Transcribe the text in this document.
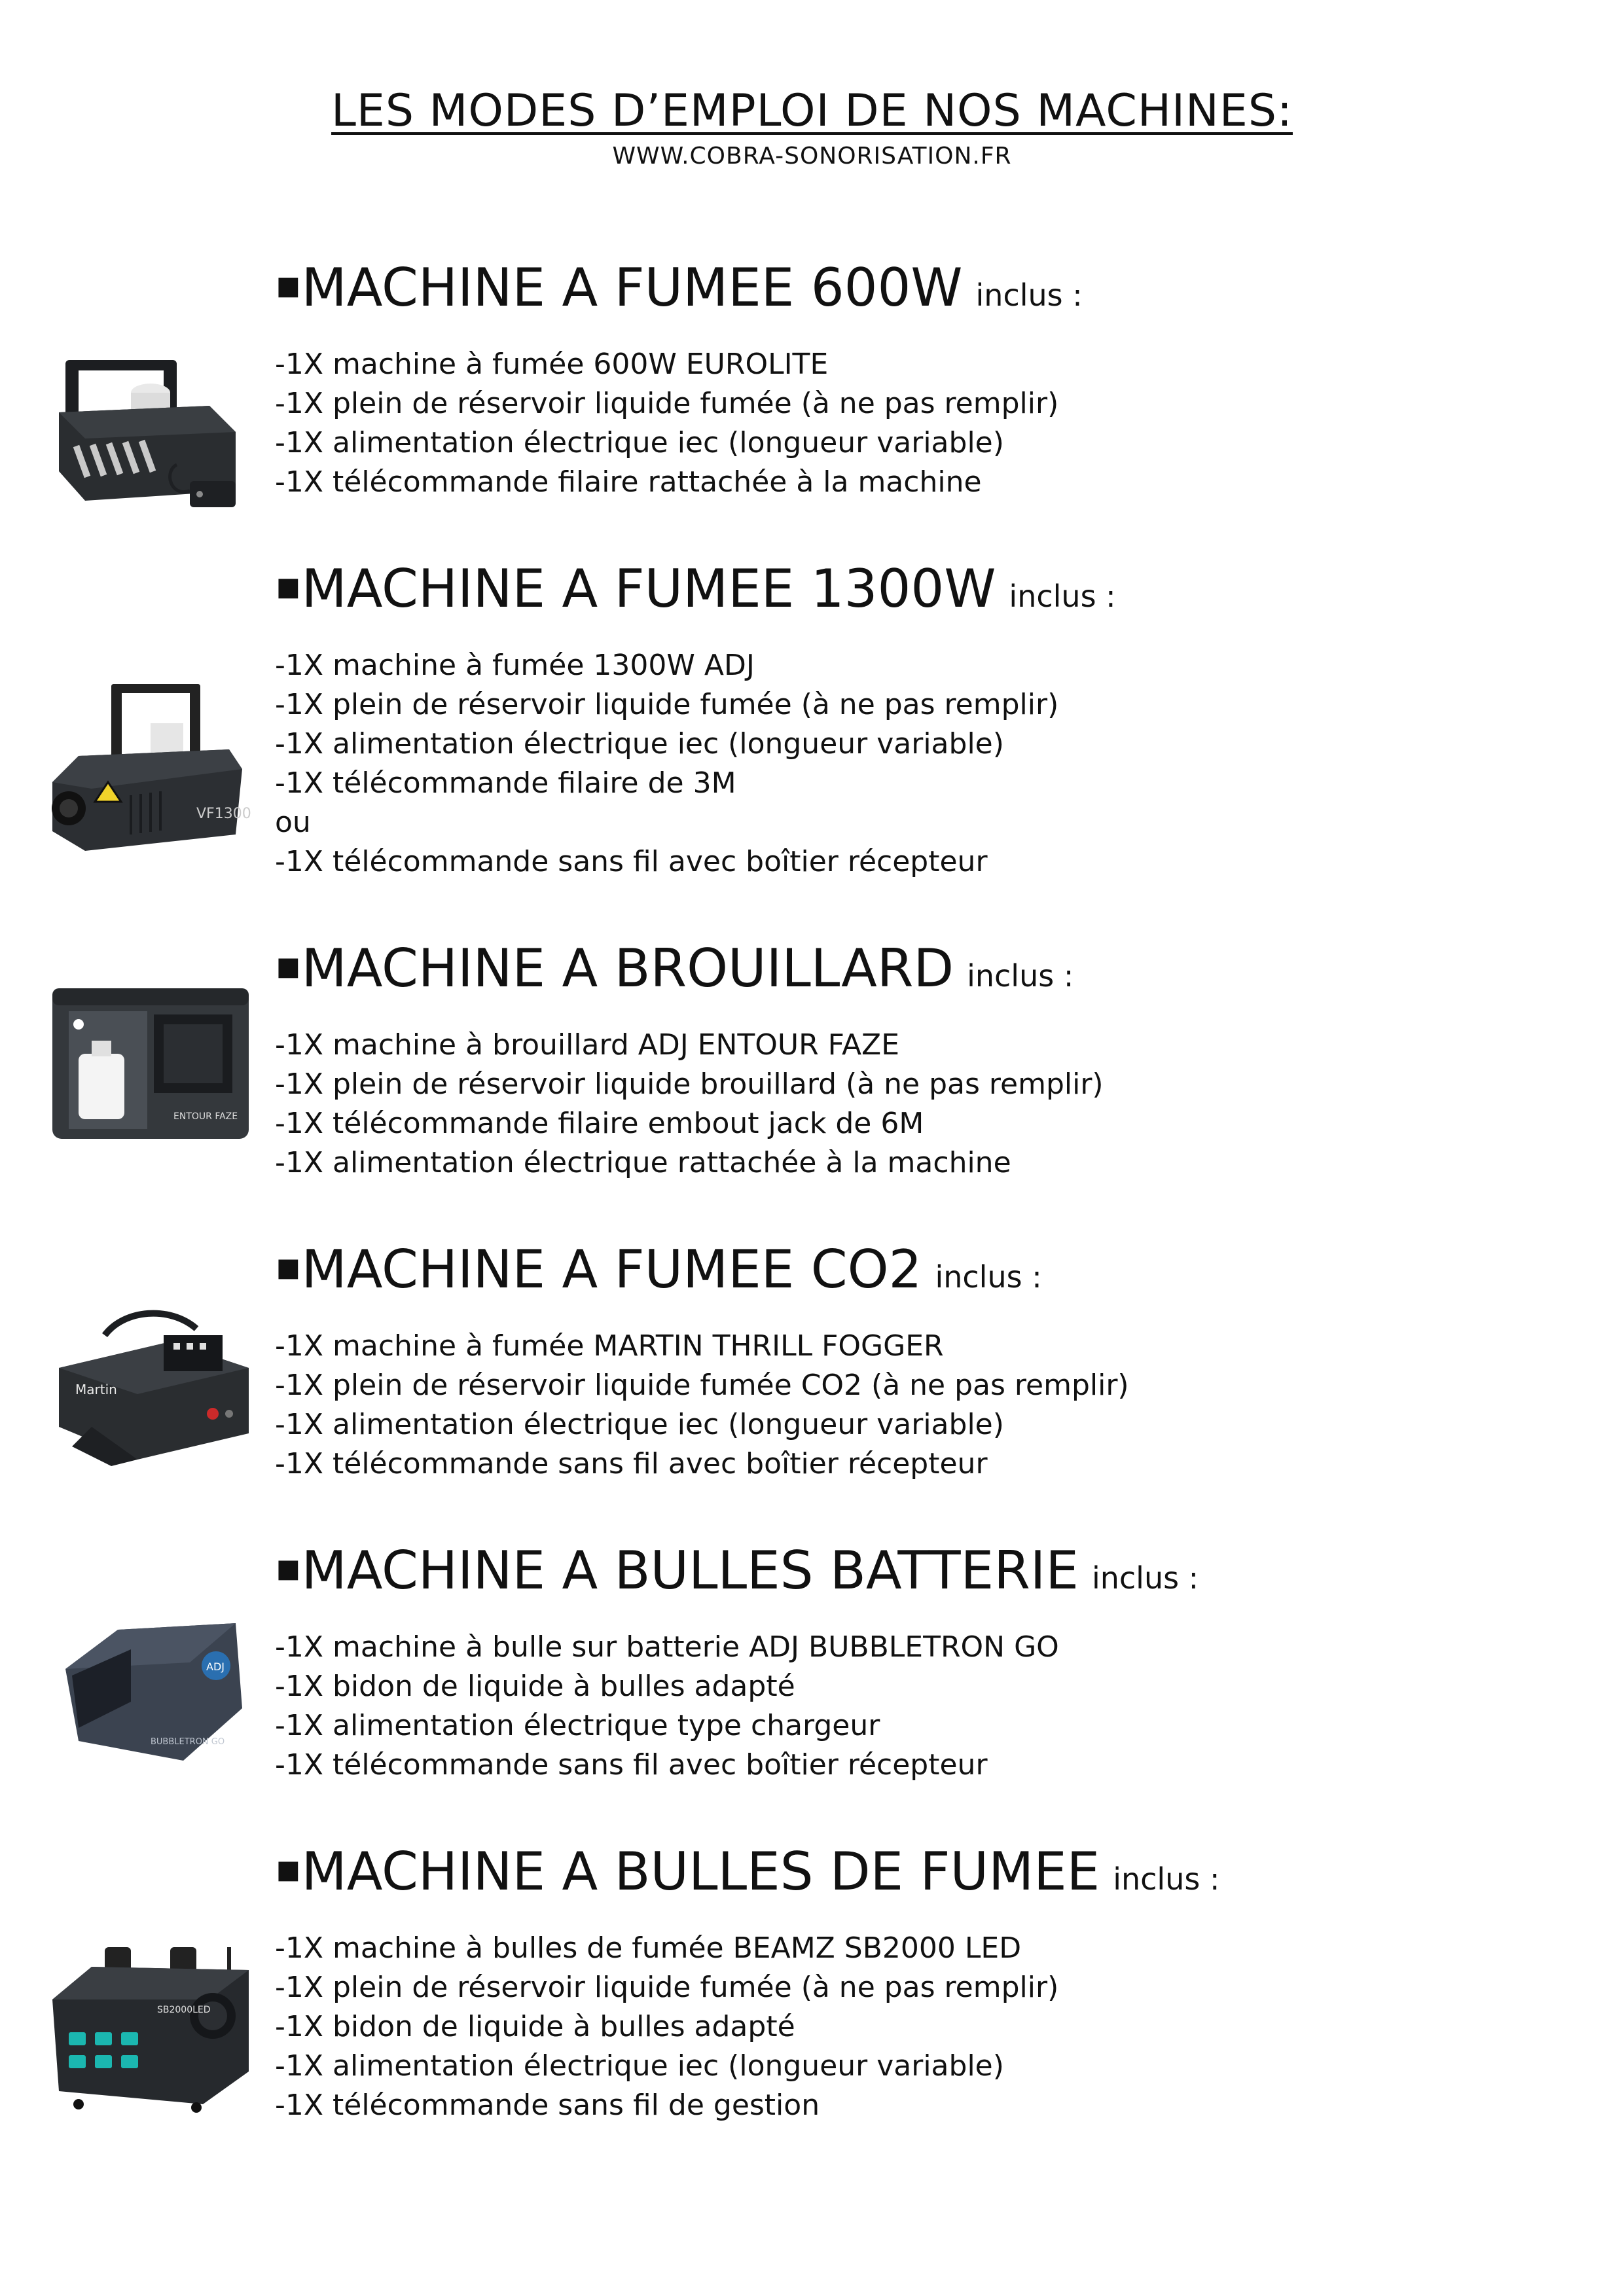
LES MODES D’EMPLOI DE NOS MACHINES:
WWW.COBRA-SONORISATION.FR
▪MACHINE A FUMEE 600W inclus :
-1X machine à fumée 600W EUROLITE
-1X plein de réservoir liquide fumée (à ne pas remplir)
-1X alimentation électrique iec (longueur variable)
-1X télécommande filaire rattachée à la machine
▪MACHINE A FUMEE 1300W inclus :
VF1300
-1X machine à fumée 1300W ADJ
-1X plein de réservoir liquide fumée (à ne pas remplir)
-1X alimentation électrique iec (longueur variable)
-1X télécommande filaire de 3M
ou
-1X télécommande sans fil avec boîtier récepteur
▪MACHINE A BROUILLARD inclus :
ENTOUR FAZE
-1X machine à brouillard ADJ ENTOUR FAZE
-1X plein de réservoir liquide brouillard (à ne pas remplir)
-1X télécommande filaire embout jack de 6M
-1X alimentation électrique rattachée à la machine
▪MACHINE A FUMEE CO2 inclus :
Martin
-1X machine à fumée MARTIN THRILL FOGGER
-1X plein de réservoir liquide fumée CO2 (à ne pas remplir)
-1X alimentation électrique iec (longueur variable)
-1X télécommande sans fil avec boîtier récepteur
▪MACHINE A BULLES BATTERIE inclus :
ADJ
BUBBLETRON GO
-1X machine à bulle sur batterie ADJ BUBBLETRON GO
-1X bidon de liquide à bulles adapté
-1X alimentation électrique type chargeur
-1X télécommande sans fil avec boîtier récepteur
▪MACHINE A BULLES DE FUMEE inclus :
SB2000LED
-1X machine à bulles de fumée BEAMZ SB2000 LED
-1X plein de réservoir liquide fumée (à ne pas remplir)
-1X bidon de liquide à bulles adapté
-1X alimentation électrique iec (longueur variable)
-1X télécommande sans fil de gestion
